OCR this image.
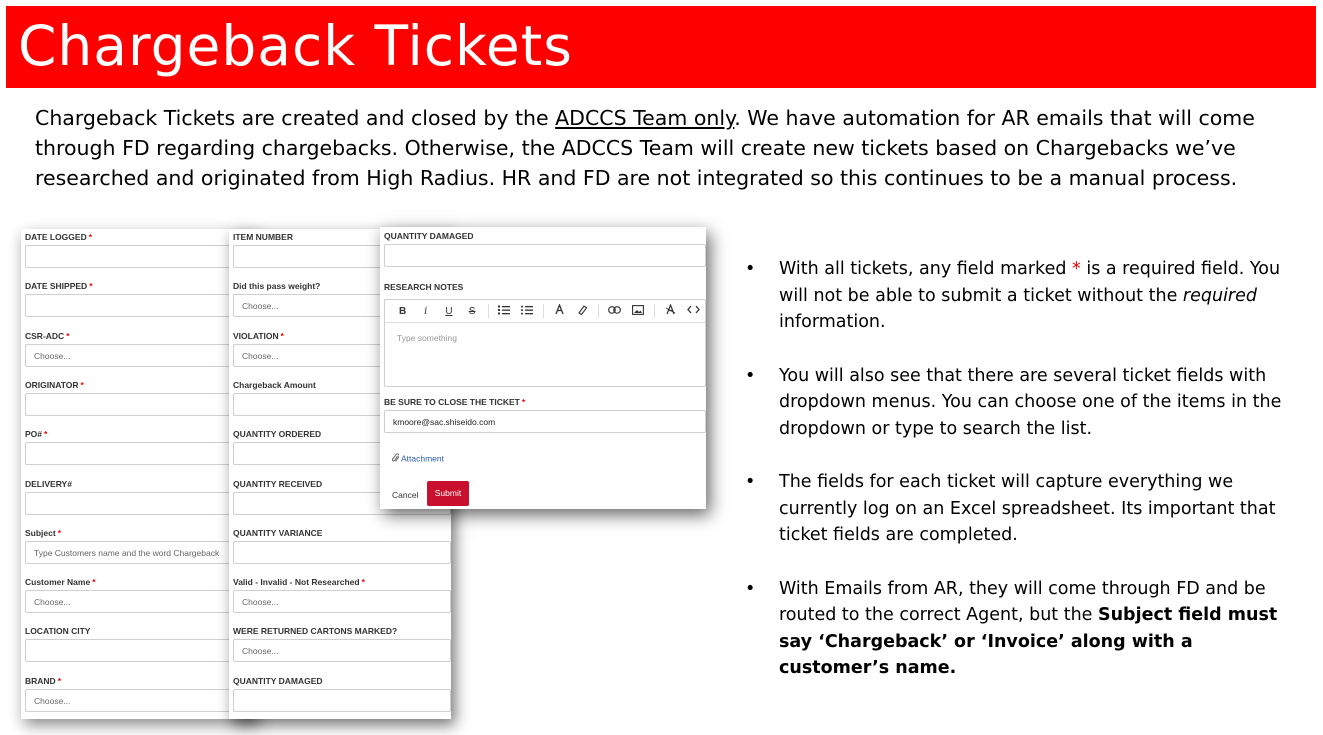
Chargeback Tickets
Chargeback Tickets are created and closed by the ADCCS Team only. We have automation for AR emails that will come through FD regarding chargebacks. Otherwise, the ADCCS Team will create new tickets based on Chargebacks we’ve researched and originated from High Radius. HR and FD are not integrated so this continues to be a manual process.
DATE LOGGED *
DATE SHIPPED *
CSR-ADC *
Choose...
ORIGINATOR *
PO# *
DELIVERY#
Subject *
Type Customers name and the word Chargeback
Customer Name *
Choose...
LOCATION CITY
BRAND *
Choose...
ITEM NUMBER
Did this pass weight?
Choose...
VIOLATION *
Choose...
Chargeback Amount
QUANTITY ORDERED
QUANTITY RECEIVED
QUANTITY VARIANCE
Valid - Invalid - Not Researched *
Choose...
WERE RETURNED CARTONS MARKED?
Choose...
QUANTITY DAMAGED
QUANTITY DAMAGED
RESEARCH NOTES
B	i	U	S
Type something
BE SURE TO CLOSE THE TICKET *
kmoore@sac.shiseido.com
Attachment
Cancel	Submit
• With all tickets, any field marked * is a required field. You will not be able to submit a ticket without the required information.
• You will also see that there are several ticket fields with dropdown menus. You can choose one of the items in the dropdown or type to search the list.
• The fields for each ticket will capture everything we currently log on an Excel spreadsheet. Its important that ticket fields are completed.
• With Emails from AR, they will come through FD and be routed to the correct Agent, but the Subject field must say ‘Chargeback’ or ‘Invoice’ along with a customer’s name.
